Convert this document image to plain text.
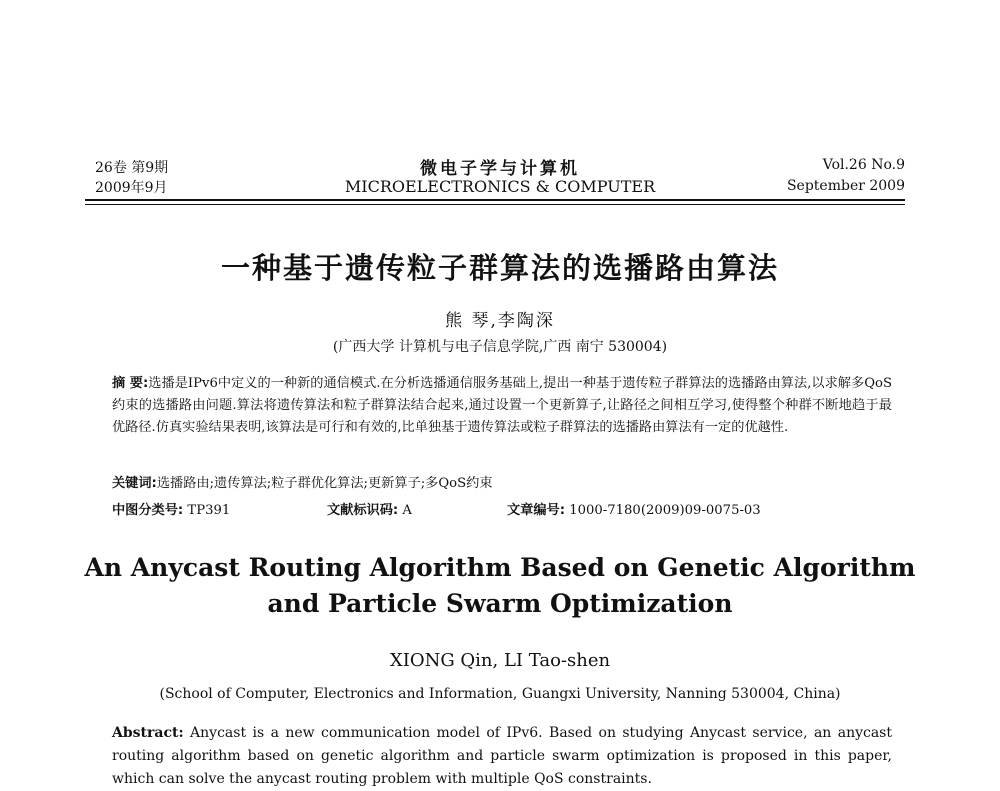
26卷 第9期
2009年9月
微电子学与计算机
MICROELECTRONICS & COMPUTER
Vol.26 No.9
September 2009
一种基于遗传粒子群算法的选播路由算法
熊 琴,李陶深
(广西大学 计算机与电子信息学院,广西 南宁 530004)

摘 要:选播是IPv6中定义的一种新的通信模式.在分析选播通信服务基础上,提出一种基于遗传粒子群算法的选播路由算法,以求解多QoS约束的选播路由问题.算法将遗传算法和粒子群算法结合起来,通过设置一个更新算子,让路径之间相互学习,使得整个种群不断地趋于最优路径.仿真实验结果表明,该算法是可行和有效的,比单独基于遗传算法或粒子群算法的选播路由算法有一定的优越性.

关键词:选播路由;遗传算法;粒子群优化算法;更新算子;多QoS约束
中图分类号: TP391	文献标识码: A	文章编号: 1000-7180(2009)09-0075-03
An Anycast Routing Algorithm Based on Genetic Algorithm
and Particle Swarm Optimization
XIONG Qin, LI Tao-shen
(School of Computer, Electronics and Information, Guangxi University, Nanning 530004, China)

Abstract: Anycast is a new communication model of IPv6. Based on studying Anycast service, an anycast routing algorithm based on genetic algorithm and particle swarm optimization is proposed in this paper, which can solve the anycast routing problem with multiple QoS constraints.
